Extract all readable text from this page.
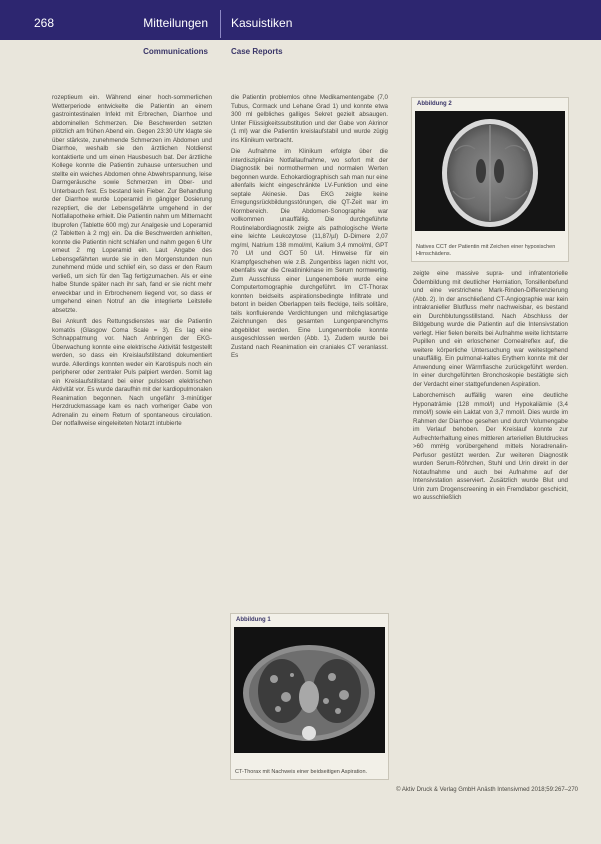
268	Mitteilungen Kasuistiken
Communications	Case Reports

rozeptieum ein. Während einer hoch-sommerlichen Wetterperiode entwickelte die Patientin an einem gastrointestinalen Infekt mit Erbrechen, Diarrhoe und abdominellen Schmerzen. Die Beschwerden setzten plötzlich am frühen Abend ein. Gegen 23:30 Uhr klagte sie über stärkste, zunehmende Schmerzen im Abdomen und Diarrhoe, weshalb sie den ärztlichen Notdienst kontaktierte und um einen Hausbesuch bat. Der ärztliche Kollege konnte die Patientin zuhause untersuchen und stellte ein weiches Abdomen ohne Abwehrspannung, leise Darmgeräusche sowie Schmerzen im Ober- und Unterbauch fest. Es bestand kein Fieber. Zur Behandlung der Diarrhoe wurde Loperamid in gängiger Dosierung rezeptiert, die der Lebensgefährte umgehend in der Notfallapotheke erhielt. Die Patientin nahm um Mitternacht Ibuprofen (Tablette 600 mg) zur Analgesie und Loperamid (2 Tabletten à 2 mg) ein. Da die Beschwerden anhielten, konnte die Patientin nicht schlafen und nahm gegen 6 Uhr erneut 2 mg Loperamid ein. Laut Angabe des Lebensgefährten wurde sie in den Morgenstunden nun zunehmend müde und schlief ein, so dass er den Raum verließ, um sich für den Tag fertigzumachen. Als er eine halbe Stunde später nach ihr sah, fand er sie nicht mehr erweckbar und in Erbrochenem liegend vor, so dass er umgehend einen Notruf an die integrierte Leitstelle absetzte.

Bei Ankunft des Rettungsdienstes war die Patientin komatös (Glasgow Coma Scale = 3). Es lag eine Schnappatmung vor. Nach Anbringen der EKG-Überwachung konnte eine elektrische Aktivität festgestellt werden, so dass ein Kreislaufstillstand dokumentiert wurde. Allerdings konnten weder ein Karotispuls noch ein peripherer oder zentraler Puls palpiert werden. Somit lag ein Kreislaufstillstand bei einer pulslosen elektrischen Aktivität vor. Es wurde daraufhin mit der kardiopulmonalen Reanimation begonnen. Nach ungefähr 3-minütiger Herzdruckmassage kam es nach vorheriger Gabe von Adrenalin zu einem Return of spontaneous circulation. Der notfallweise eingeleiteten Notarzt intubierte

die Patientin problemlos ohne Medikamentengabe (7,0 Tubus, Cormack und Lehane Grad 1) und konnte etwa 300 ml gelbliches galliges Sekret gezielt absaugen. Unter Flüssigkeitssubstitution und der Gabe von Akrinor (1 ml) war die Patientin kreislaufstabil und wurde zügig ins Klinikum verbracht.

Die Aufnahme im Klinikum erfolgte über die interdisziplinäre Notfallaufnahme, wo sofort mit der Diagnostik bei normothermen und normalen Werten begonnen wurde. Echokardiographisch sah man nur eine allenfalls leicht eingeschränkte LV-Funktion und eine septale Akinesie. Das EKG zeigte keine Erregungsrückbildungsstörungen, die QT-Zeit war im Normbereich. Die Abdomen-Sonographie war vollkommen unauffällig. Die durchgeführte Routinelabordiagnostik zeigte als pathologische Werte eine leichte Leukozytose (11,87/µl) D-Dimere 2,07 mg/ml, Natrium 138 mmol/ml, Kalium 3,4 mmol/ml, GPT 70 U/l und GOT 50 U/l. Hinweise für ein Krampfgeschehen wie z.B. Zungenbiss lagen nicht vor, ebenfalls war die Creatininkinase im Serum normwertig. Zum Ausschluss einer Lungenembolie wurde eine Computertomographie durchgeführt. Im CT-Thorax konnten beidseits aspirationsbedingte Infiltrate und betont in beiden Oberlappen teils fleckige, teils solitäre, teils konfluierende Verdichtungen und milchglasartige Zeichnungen des gesamten Lungenparenchyms abgebildet werden. Eine Lungenembolie konnte ausgeschlossen werden (Abb. 1). Zudem wurde bei Zustand nach Reanimation ein craniales CT veranlasst. Es

zeigte eine massive supra- und infratentorielle Ödembildung mit deutlicher Herniation, Tonsillenbefund und eine verstrichene Mark-Rinden-Differenzierung (Abb. 2). In der anschließend CT-Angiographie war kein intrakranieller Blutfluss mehr nachweisbar, es bestand ein Durchblutungsstillstand. Nach Abschluss der Bildgebung wurde die Patientin auf die Intensivstation verlegt. Hier fielen bereits bei Aufnahme weite lichtstarre Pupillen und ein erloschener Cornealreflex auf, die weitere körperliche Untersuchung war weitestgehend unauffällig. Ein pulmonal-kaltes Erythem konnte mit der Anwendung einer Wärmflasche zurückgeführt werden. In einer durchgeführten Bronchoskopie bestätigte sich der Verdacht einer stattgefundenen Aspiration.

Laborchemisch auffällig waren eine deutliche Hyponaträmie (128 mmol/l) und Hypokaliämie (3,4 mmol/l) sowie ein Laktat von 3,7 mmol/l. Dies wurde im Rahmen der Diarrhoe gesehen und durch Volumengabe im Verlauf behoben. Der Kreislauf konnte zur Aufrechterhaltung eines mittleren arteriellen Blutdruckes >60 mmHg vorübergehend mittels Noradrenalin-Perfusor gestützt werden. Zur weiteren Diagnostik wurden Serum-Röhrchen, Stuhl und Urin direkt in der Notaufnahme und auch bei Aufnahme auf der Intensivstation asserviert. Zusätzlich wurde Blut und Urin zum Drogenscreening in ein Fremdlabor geschickt, wo ausschließlich

Abbildung 2
Natives CCT der Patientin mit Zeichen einer hypoxischen Hirnschädens.
Abbildung 1
CT-Thorax mit Nachweis einer beidseitigen Aspiration.
© Aktiv Druck & Verlag GmbH Anästh Intensivmed 2018;59:267–270
